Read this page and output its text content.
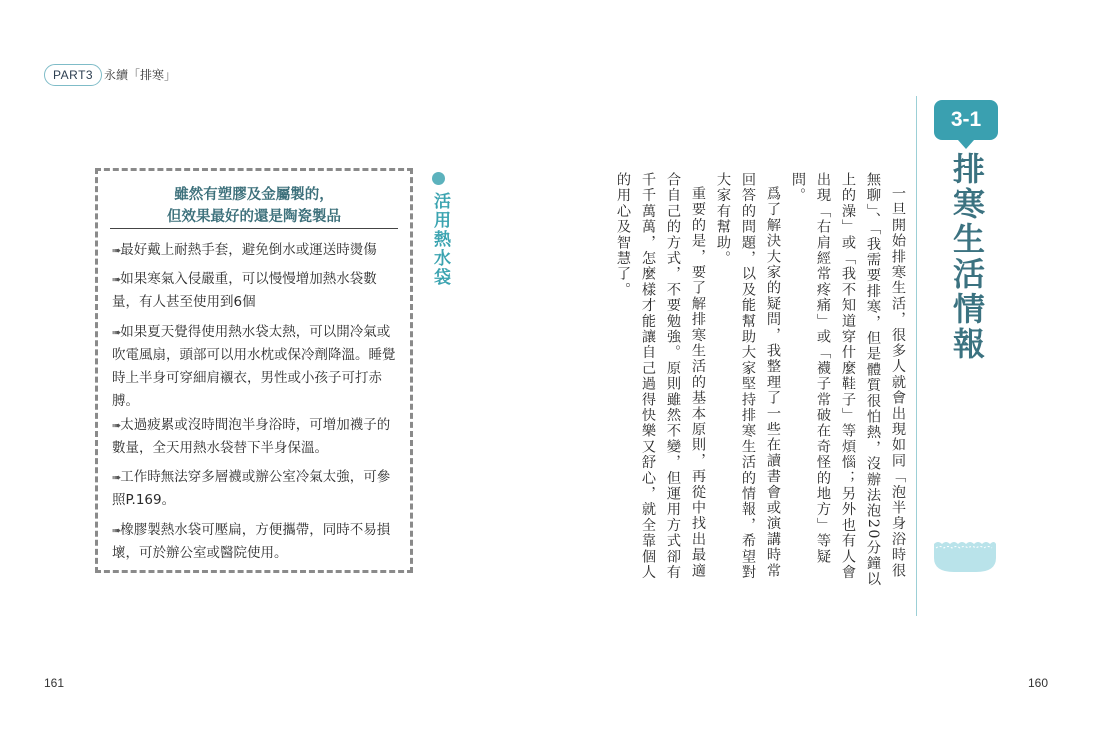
PART3 永續「排寒」
雖然有塑膠及金屬製的，
但效果最好的還是陶瓷製品
➠最好戴上耐熱手套，避免倒水或運送時燙傷
➠如果寒氣入侵嚴重，可以慢慢增加熱水袋數量，有人甚至使用到6個
➠如果夏天覺得使用熱水袋太熱，可以開冷氣或吹電風扇，頭部可以用水枕或保冷劑降溫。睡覺時上半身可穿細肩襯衣，男性或小孩子可打赤膊。
➠太過疲累或沒時間泡半身浴時，可增加襪子的數量，全天用熱水袋替下半身保溫。
➠工作時無法穿多層襪或辦公室冷氣太強，可參照P.169。
➠橡膠製熱水袋可壓扁，方便攜帶，同時不易損壞，可於辦公室或醫院使用。
活用熱水袋	一旦開始排寒生活，很多人就會出現如同「泡半身浴時很無聊」、「我需要排寒，但是體質很怕熱，沒辦法泡20分鐘以上的澡」或「我不知道穿什麼鞋子」等煩惱；另外也有人會出現「右肩經常疼痛」或「襪子常破在奇怪的地方」等疑問。

爲了解決大家的疑問，我整理了一些在讀書會或演講時常回答的問題，以及能幫助大家堅持排寒生活的情報，希望對大家有幫助。

重要的是，要了解排寒生活的基本原則，再從中找出最適合自己的方式，不要勉強。原則雖然不變，但運用方式卻有千千萬萬，怎麼樣才能讓自己過得快樂又舒心，就全靠個人的用心及智慧了。

3-1
排寒生活情報
161	160
